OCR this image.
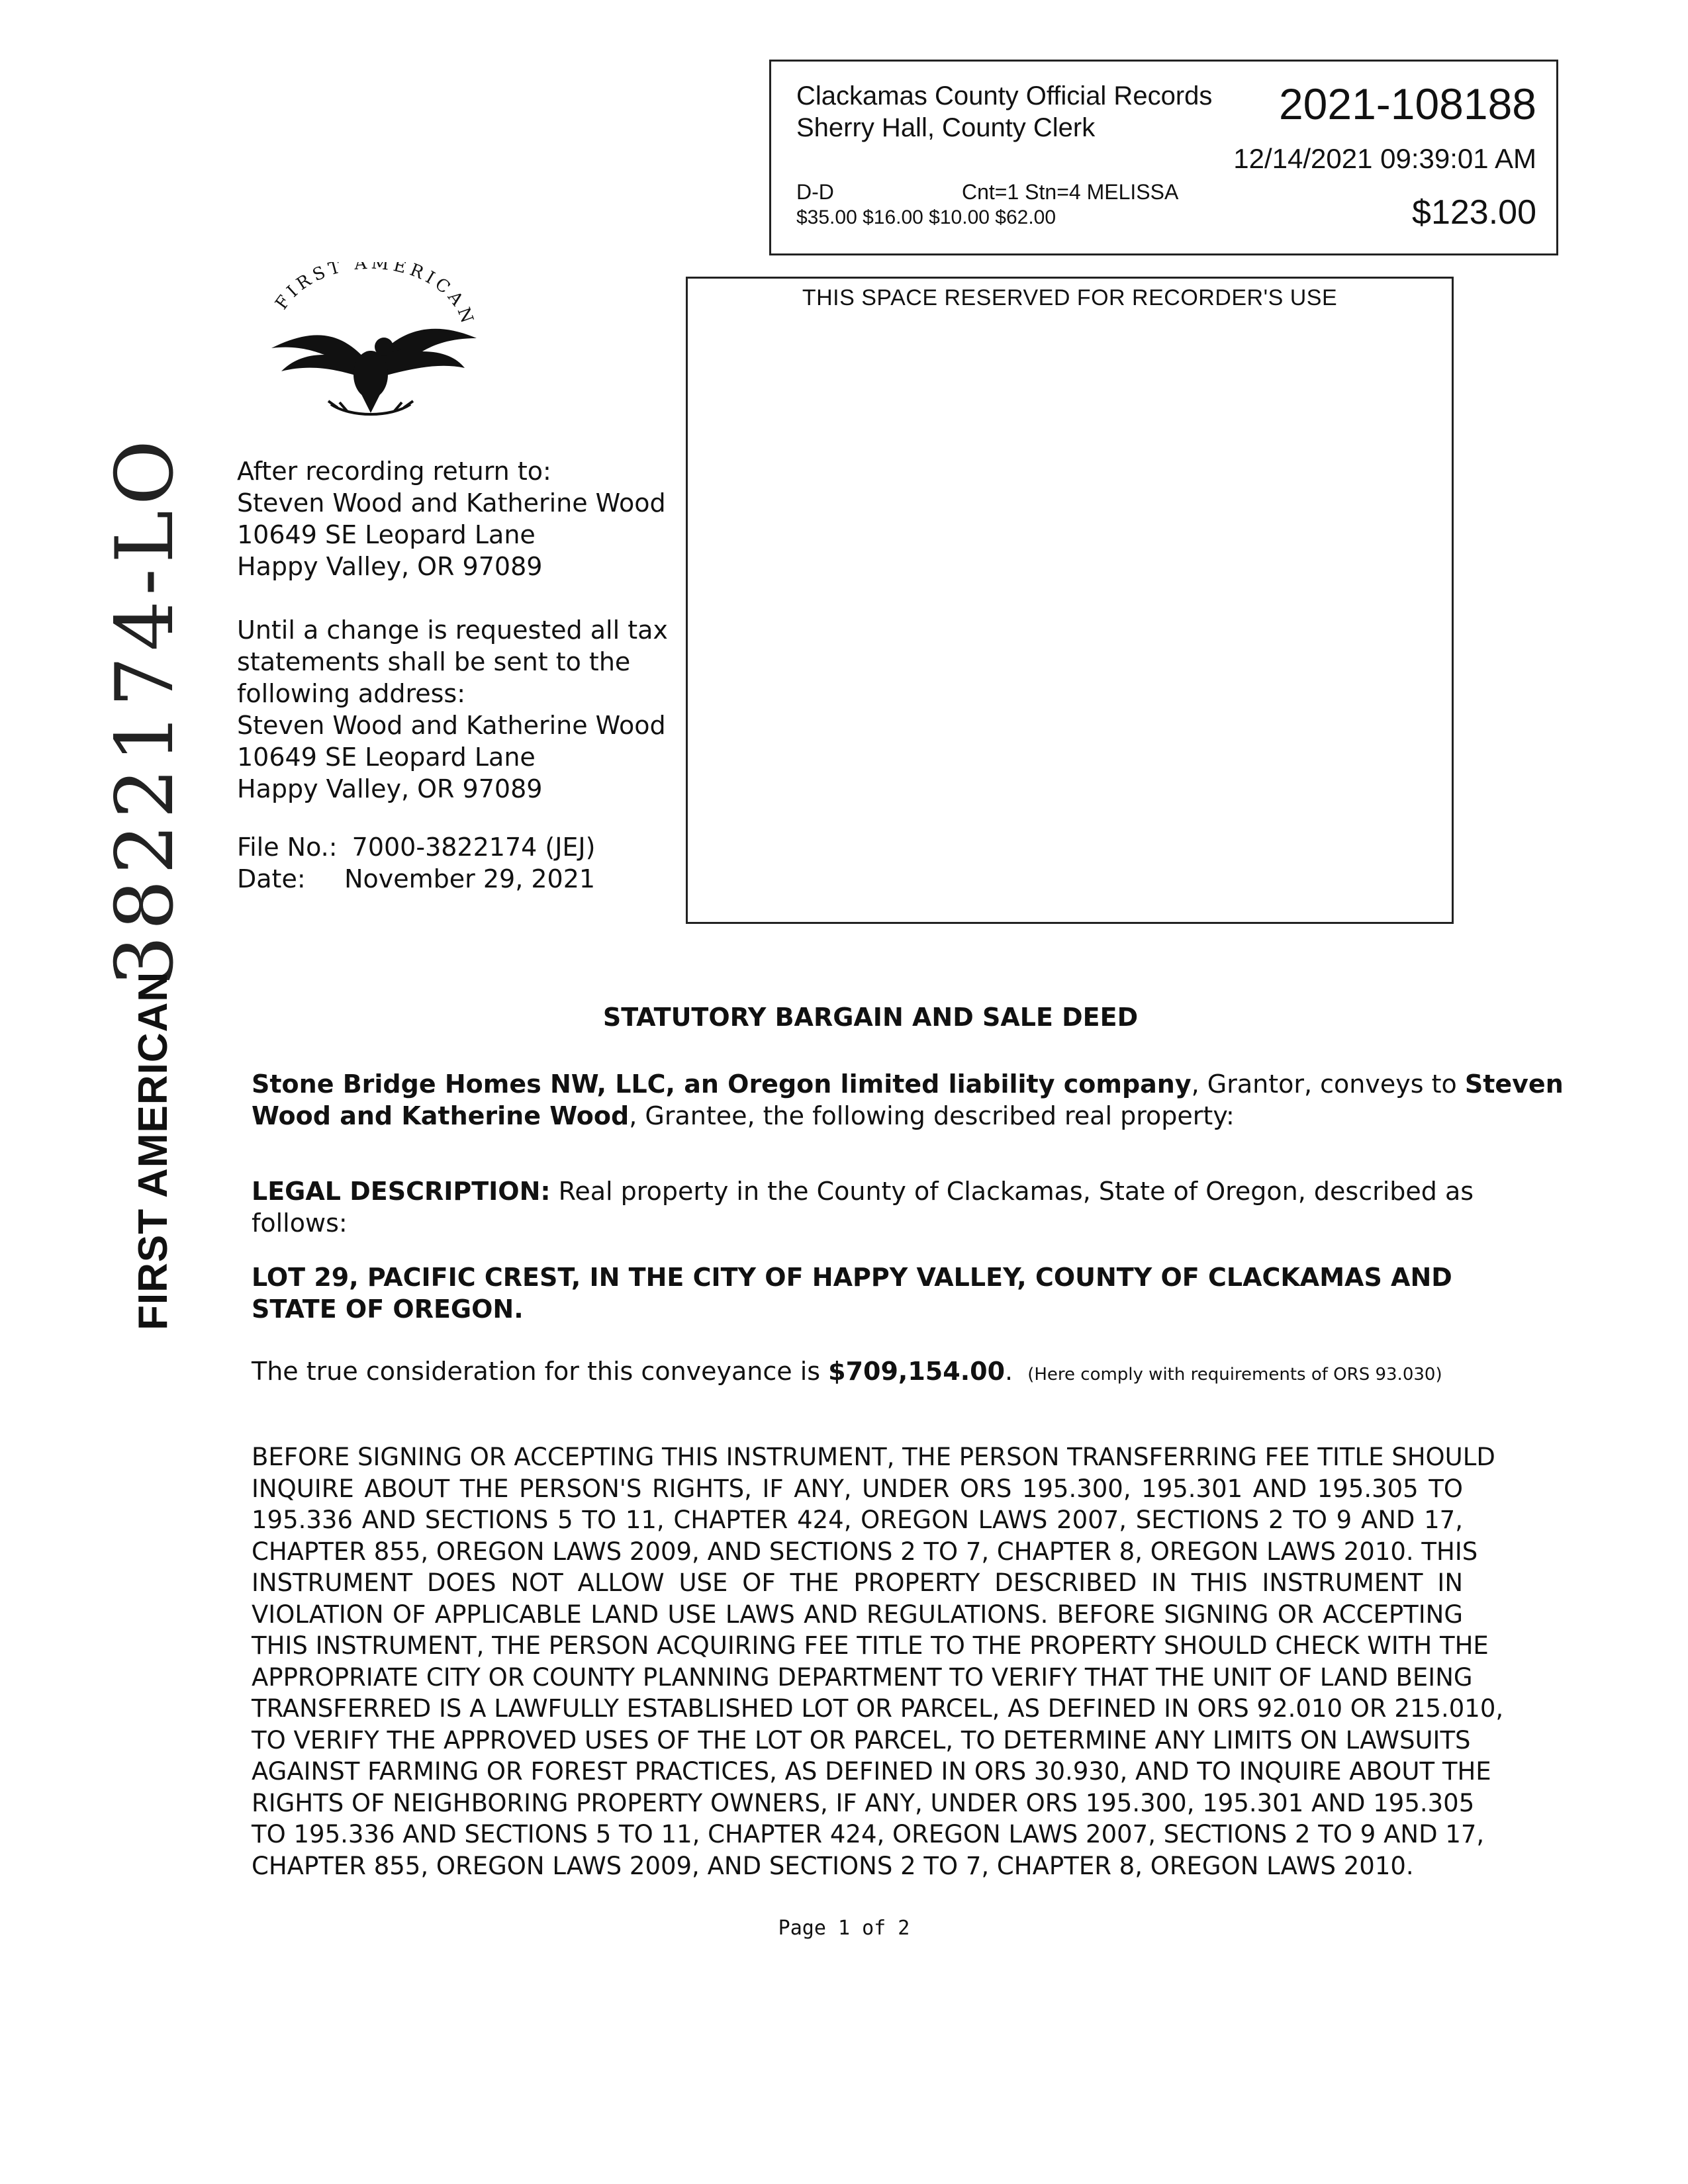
Clackamas County Official Records
Sherry Hall, County Clerk	2021-108188
12/14/2021 09:39:01 AM
D-D	Cnt=1 Stn=4 MELISSA
$35.00 $16.00 $10.00 $62.00	$123.00
THIS SPACE RESERVED FOR RECORDER'S USE
FIRST AMERICAN
After recording return to:
Steven Wood and Katherine Wood
10649 SE Leopard Lane
Happy Valley, OR 97089
Until a change is requested all tax
statements shall be sent to the
following address:
Steven Wood and Katherine Wood
10649 SE Leopard Lane
Happy Valley, OR 97089
File No.: 7000-3822174 (JEJ)
Date: November 29, 2021
3822174-LO
FIRST AMERICAN	STATUTORY BARGAIN AND SALE DEED
Stone Bridge Homes NW, LLC, an Oregon limited liability company, Grantor, conveys to Steven
Wood and Katherine Wood, Grantee, the following described real property:
LEGAL DESCRIPTION: Real property in the County of Clackamas, State of Oregon, described as
follows:
LOT 29, PACIFIC CREST, IN THE CITY OF HAPPY VALLEY, COUNTY OF CLACKAMAS AND
STATE OF OREGON.
The true consideration for this conveyance is $709,154.00. (Here comply with requirements of ORS 93.030)
BEFORE SIGNING OR ACCEPTING THIS INSTRUMENT, THE PERSON TRANSFERRING FEE TITLE SHOULD
INQUIRE ABOUT THE PERSON'S RIGHTS, IF ANY, UNDER ORS 195.300, 195.301 AND 195.305 TO
195.336 AND SECTIONS 5 TO 11, CHAPTER 424, OREGON LAWS 2007, SECTIONS 2 TO 9 AND 17,
CHAPTER 855, OREGON LAWS 2009, AND SECTIONS 2 TO 7, CHAPTER 8, OREGON LAWS 2010. THIS
INSTRUMENT DOES NOT ALLOW USE OF THE PROPERTY DESCRIBED IN THIS INSTRUMENT IN
VIOLATION OF APPLICABLE LAND USE LAWS AND REGULATIONS. BEFORE SIGNING OR ACCEPTING
THIS INSTRUMENT, THE PERSON ACQUIRING FEE TITLE TO THE PROPERTY SHOULD CHECK WITH THE
APPROPRIATE CITY OR COUNTY PLANNING DEPARTMENT TO VERIFY THAT THE UNIT OF LAND BEING
TRANSFERRED IS A LAWFULLY ESTABLISHED LOT OR PARCEL, AS DEFINED IN ORS 92.010 OR 215.010,
TO VERIFY THE APPROVED USES OF THE LOT OR PARCEL, TO DETERMINE ANY LIMITS ON LAWSUITS
AGAINST FARMING OR FOREST PRACTICES, AS DEFINED IN ORS 30.930, AND TO INQUIRE ABOUT THE
RIGHTS OF NEIGHBORING PROPERTY OWNERS, IF ANY, UNDER ORS 195.300, 195.301 AND 195.305
TO 195.336 AND SECTIONS 5 TO 11, CHAPTER 424, OREGON LAWS 2007, SECTIONS 2 TO 9 AND 17,
CHAPTER 855, OREGON LAWS 2009, AND SECTIONS 2 TO 7, CHAPTER 8, OREGON LAWS 2010.
Page 1 of 2
